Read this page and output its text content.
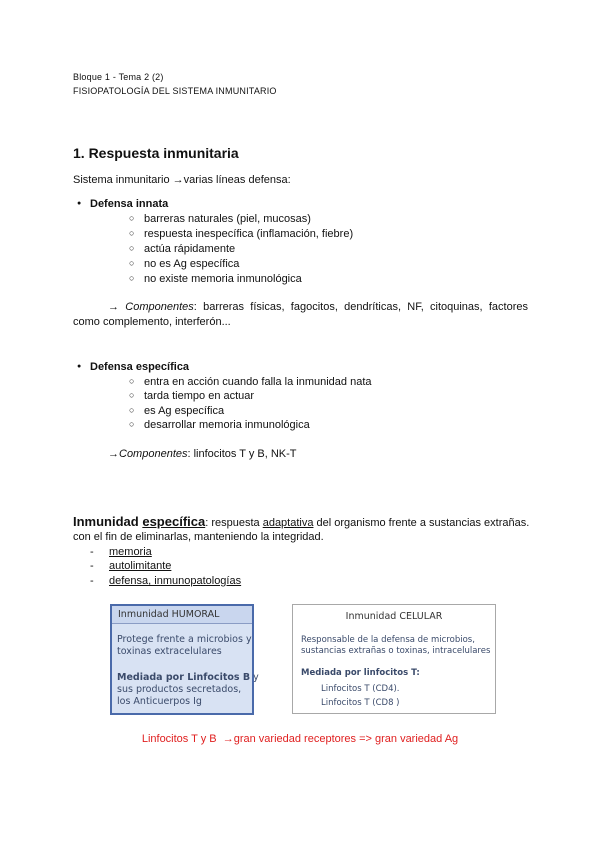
Bloque 1 - Tema 2 (2)
FISIOPATOLOGÍA DEL SISTEMA INMUNITARIO
1. Respuesta inmunitaria
Sistema inmunitario →varias líneas defensa:
● Defensa innata
○ barreras naturales (piel, mucosas)
○ respuesta inespecífica (inflamación, fiebre)
○ actúa rápidamente
○ no es Ag específica
○ no existe memoria inmunológica
→ Componentes: barreras físicas, fagocitos, dendríticas, NF, citoquinas, factores
como complemento, interferón...
● Defensa específica
○ entra en acción cuando falla la inmunidad nata
○ tarda tiempo en actuar
○ es Ag específica
○ desarrollar memoria inmunológica
→Componentes: linfocitos T y B, NK-T
Inmunidad específica: respuesta adaptativa del organismo frente a sustancias extrañas.
con el fin de eliminarlas, manteniendo la integridad.
- memoria
- autolimitante
- defensa, inmunopatologías
Inmunidad HUMORAL
Protege frente a microbios y
toxinas extracelulares
Mediada por Linfocitos B y
sus productos secretados,
los Anticuerpos Ig
Inmunidad CELULAR
Responsable de la defensa de microbios,
sustancias extrañas o toxinas, intracelulares
Mediada por linfocitos T:
Linfocitos T (CD4).
Linfocitos T (CD8 )
Linfocitos T y B  →gran variedad receptores => gran variedad Ag
